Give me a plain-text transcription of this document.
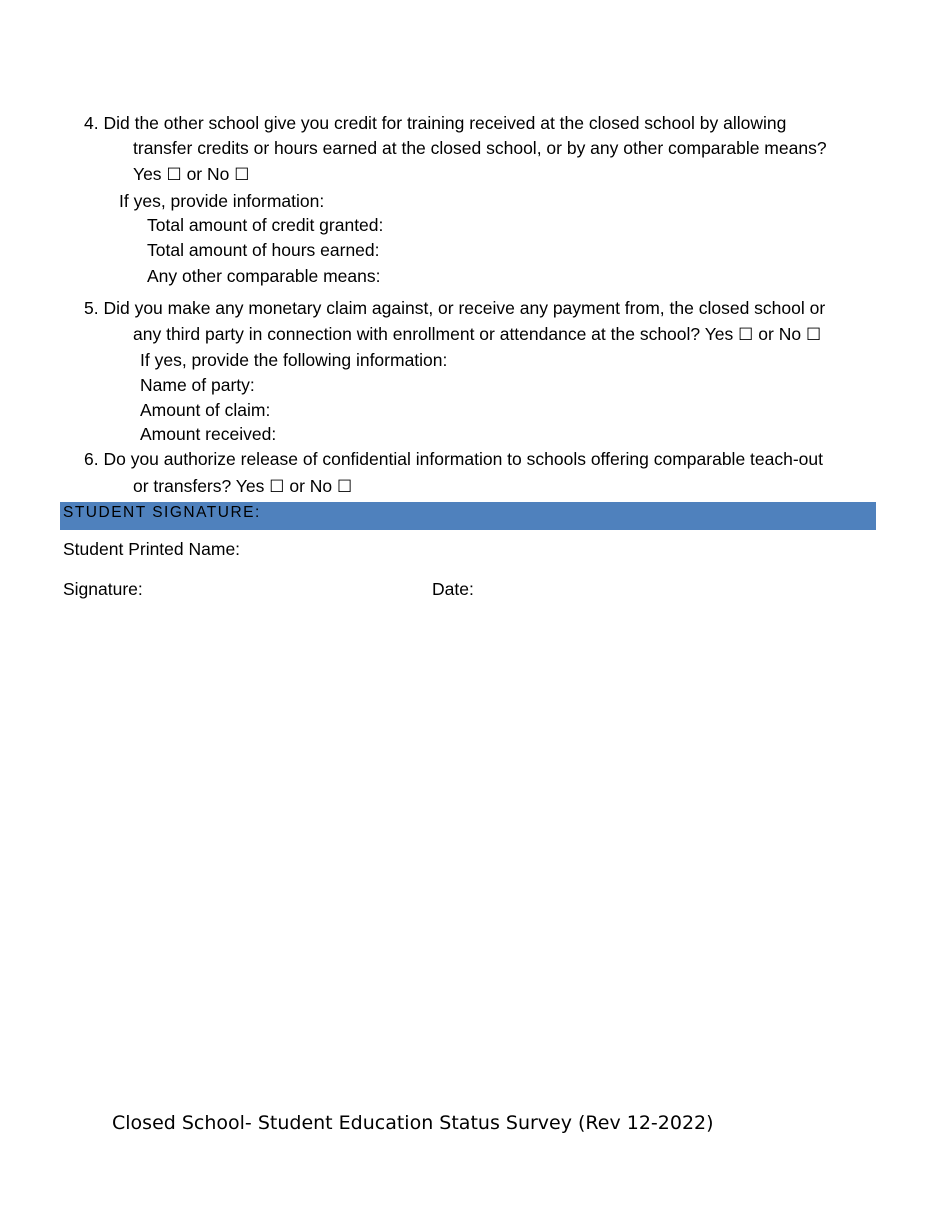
4. Did the other school give you credit for training received at the closed school by allowing
transfer credits or hours earned at the closed school, or by any other comparable means?
Yes ☐ or No ☐
If yes, provide information:
Total amount of credit granted:
Total amount of hours earned:
Any other comparable means:
5. Did you make any monetary claim against, or receive any payment from, the closed school or
any third party in connection with enrollment or attendance at the school? Yes ☐ or No ☐
If yes, provide the following information:
Name of party:
Amount of claim:
Amount received:
6. Do you authorize release of confidential information to schools offering comparable teach-out
or transfers? Yes ☐ or No ☐
STUDENT SIGNATURE:
Student Printed Name:
Signature:	Date:
Closed School- Student Education Status Survey (Rev 12-2022)
